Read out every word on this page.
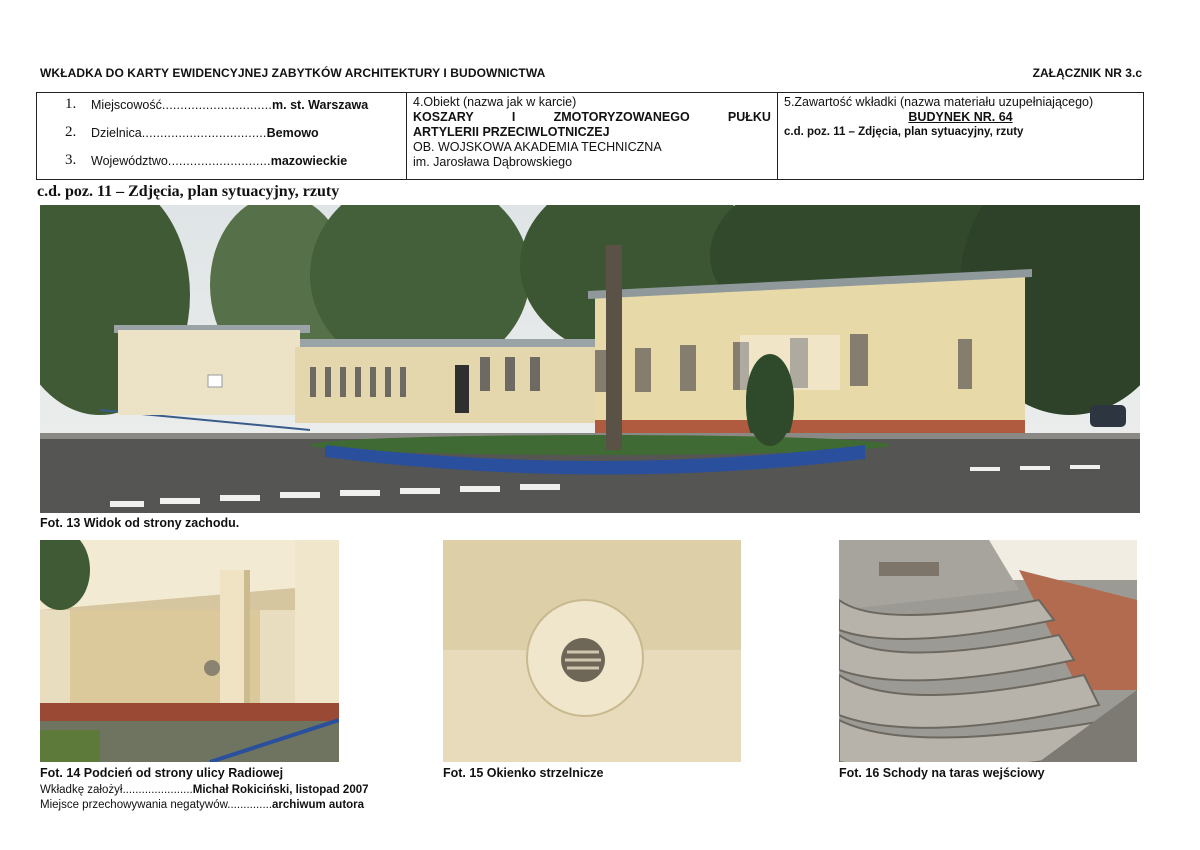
WKŁADKA DO KARTY EWIDENCYJNEJ ZABYTKÓW ARCHITEKTURY I BUDOWNICTWA	ZAŁĄCZNIK NR 3.c
1. Miejscowość..............................m. st. Warszawa
2. Dzielnica..................................Bemowo
3. Województwo............................mazowieckie
4.Obiekt (nazwa jak w karcie)
KOSZARY	I	ZMOTORYZOWANEGO	PUŁKU
ARTYLERII PRZECIWLOTNICZEJ
OB. WOJSKOWA AKADEMIA TECHNICZNA
im. Jarosława Dąbrowskiego
5.Zawartość wkładki (nazwa materiału uzupełniającego)
BUDYNEK NR. 64
c.d. poz. 11 – Zdjęcia, plan sytuacyjny, rzuty
c.d. poz. 11 – Zdjęcia, plan sytuacyjny, rzuty
Fot. 13 Widok od strony zachodu.
Fot. 14 Podcień od strony ulicy Radiowej	Fot. 15 Okienko strzelnicze	Fot. 16 Schody na taras wejściowy
Wkładkę założył......................Michał Rokiciński, listopad 2007
Miejsce przechowywania negatywów..............archiwum autora
